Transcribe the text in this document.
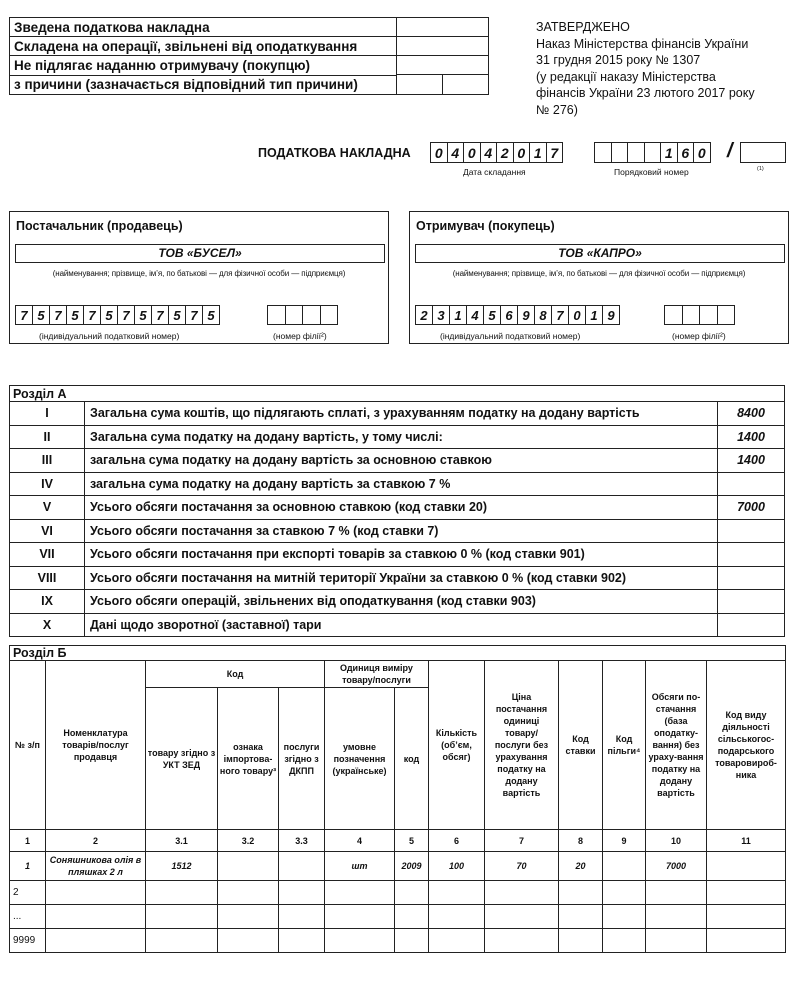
Зведена податкова накладна	
Складена на операції, звільнені від оподаткування	
Не підлягає наданню отримувачу (покупцю)	

з причини (зазначається відповідний тип причини)	
ЗАТВЕРДЖЕНО
Наказ Міністерства фінансів України
31 грудня 2015 року № 1307
(у редакції наказу Міністерства
фінансів України 23 лютого 2017 року
№ 276)
ПОДАТКОВА НАКЛАДНА	0 4 0 4 2 0 1 7
Дата складання
1 6 0
Порядковий номер
/
(1)
Постачальник (продавець)
ТОВ «БУСЕЛ»
(найменування; прізвище, ім’я, по батькові — для фізичної особи — підприємця)
7 5 7 5 7 5 7 5 7 5 7 5
(індивідуальний податковий номер)	(номер філії²)
Отримувач (покупець)
ТОВ «КАПРО»
(найменування; прізвище, ім’я, по батькові — для фізичної особи — підприємця)
2 3 1 4 5 6 9 8 7 0 1 9
(індивідуальний податковий номер)	(номер філії²)
Розділ А		
I	Загальна сума коштів, що підлягають сплаті, з урахуванням податку на додану вартість	8400
II	Загальна сума податку на додану вартість, у тому числі:	1400
III	загальна сума податку на додану вартість за основною ставкою	1400
IV	загальна сума податку на додану вартість за ставкою 7 %	
V	Усього обсяги постачання за основною ставкою (код ставки 20)	7000
VI	Усього обсяги постачання за ставкою 7 % (код ставки 7)	
VII	Усього обсяги постачання при експорті товарів за ставкою 0 % (код ставки 901)	
VIII	Усього обсяги постачання на митній території України за ставкою 0 % (код ставки 902)	
IX	Усього обсяги операцій, звільнених від оподаткування (код ставки 903)	
X	Дані щодо зворотної (заставної) тари	
Розділ Б												
№ з/п	Номенклатура товарів/послуг продавця	Код			Одиниця виміру товару/послуги		Кількість (об’єм, обсяг)	Ціна постачання одиниці товару/ послуги без урахування податку на додану вартість	Код ставки	Код пільги⁴	Обсяги по-стачання (база оподатку-вання) без ураху-вання податку на додану вартість	Код виду діяльності сільськогос-подарського товаровироб-ника
		товару згідно з УКТ ЗЕД	ознака імпортова-ного товару³	послуги згідно з ДКПП	умовне позначення (українське)	код						
1	2	3.1	3.2	3.3	4	5	6	7	8	9	10	11
1	Соняшникова олія в пляшках 2 л	1512			шт	2009	100	70	20		7000	
2												
...												
9999												
